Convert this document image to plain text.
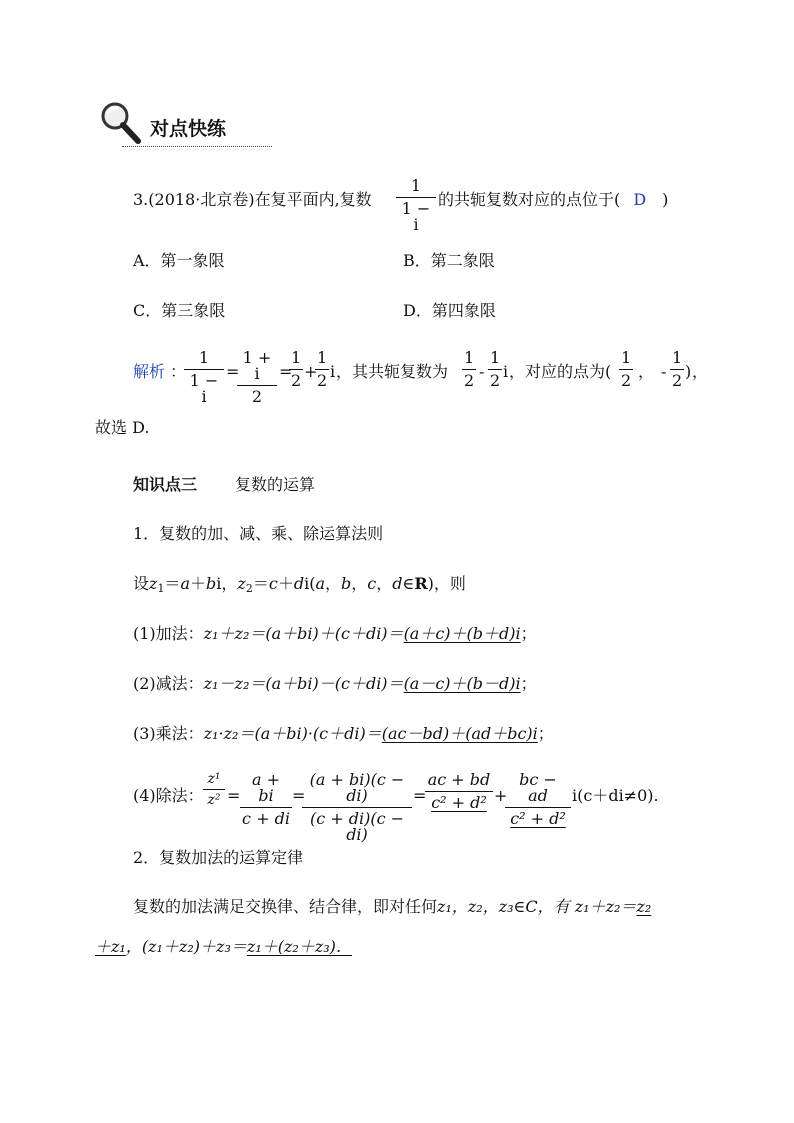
对点快练
3.(2018·北京卷)在复平面内,复数 $\frac{1}{1 - i}$ 的共轭复数对应的点位于( D )
A．第一象限	B．第二象限
C．第三象限	D．第四象限
解析 ：
$\frac{1}{1 - i}$ =
$\frac{1 + i}{2}$ =
$\frac{1}{2}$ +
$\frac{1}{2}$ i ，其共轭复数为 $\frac{1}{2} - \frac{1}{2}$ i ，对应的点为( $\frac{1}{2}$ ， - $\frac{1}{2}$ ) ，
故选 D.
知识点三 复数的运算
1．复数的加、减、乘、除运算法则
设$z_1=a+bi$，$z_2=c+di(a$，b，c，d∈R)，则
(1)加法：z₁＋z₂＝(a＋bi)＋(c＋di)＝(a＋c)＋(b＋d)i；
(2)减法：z₁－z₂＝(a＋bi)－(c＋di)＝(a－c)＋(b－d)i；
(3)乘法：z₁·z₂＝(a＋bi)·(c＋di)＝(ac－bd)＋(ad＋bc)i；
(4)除法： $\frac{\text{z¹}}{\text{z²}} = \frac{a + bi}{c + di}$ =
$\frac{(a + bi)(c - di)}{(c + di)(c - di)}$ =
$\frac{ac + bd}{\text{c² + d²}}$ +
$\frac{bc - ad}{\text{c² + d²}} i(c+di\ne 0)$.
2．复数加法的运算定律
复数的加法满足交换律、结合律，即对任何z₁，z₂，z₃∈C，有 z₁＋z₂＝z₂
＋z₁，(z₁＋z₂)＋z₃＝z₁＋(z₂＋z₃)．
